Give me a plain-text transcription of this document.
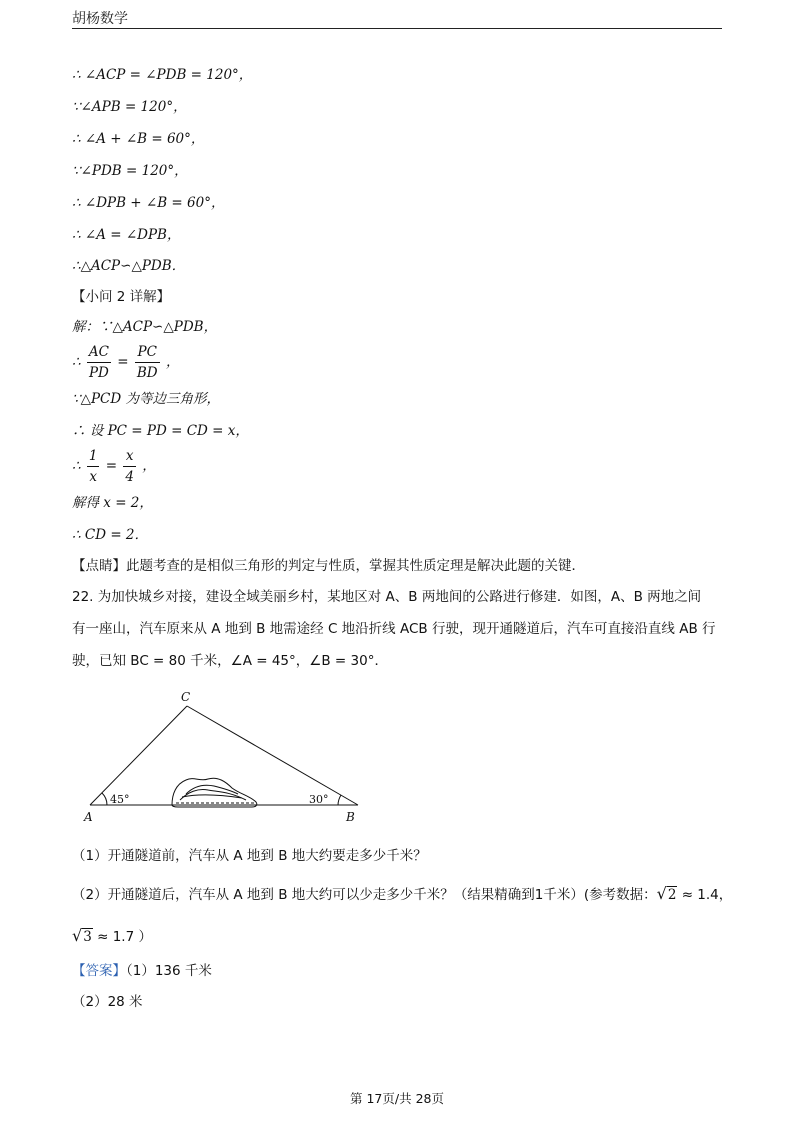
胡杨数学
∴ ∠ACP = ∠PDB = 120°，
∵∠APB = 120°，
∴ ∠A + ∠B = 60°，
∵∠PDB = 120°，
∴ ∠DPB + ∠B = 60°，
∴ ∠A = ∠DPB，
∴△ACP∽△PDB．
【小问 2 详解】
解：∵△ACP∽△PDB，
∴ $\frac{AC}{PD} = \frac{PC}{BD}$ ，
∵△PCD 为等边三角形，
∴ 设 PC = PD = CD = x，
∴ $\frac{1}{x} = \frac{x}{4}$ ，
解得 x = 2，
∴ CD = 2．
【点睛】此题考查的是相似三角形的判定与性质，掌握其性质定理是解决此题的关键．
22. 为加快城乡对接，建设全域美丽乡村，某地区对 A、B 两地间的公路进行修建．如图，A、B 两地之间
有一座山，汽车原来从 A 地到 B 地需途经 C 地沿折线 ACB 行驶，现开通隧道后，汽车可直接沿直线 AB 行
驶，已知 BC = 80 千米，∠A = 45°，∠B = 30°．
C
A	B
45°	30°
（1）开通隧道前，汽车从 A 地到 B 地大约要走多少千米？
（2）开通隧道后，汽车从 A 地到 B 地大约可以少走多少千米？（结果精确到1千米）(参考数据：√2 ≈ 1.4，
√3 ≈ 1.7 ）
【答案】（1）136 千米
（2）28 米
第 17页/共 28页
